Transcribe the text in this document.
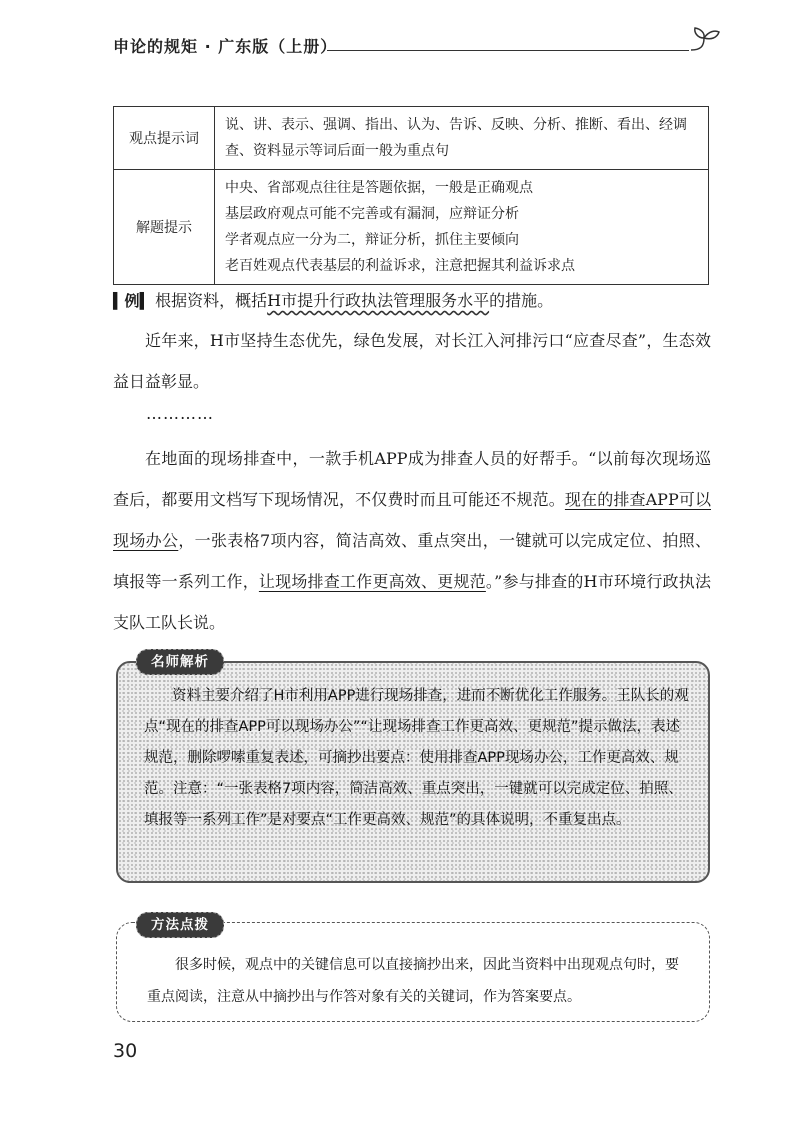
申论的规矩 · 广东版（上册）
观点提示词	说、讲、表示、强调、指出、认为、告诉、反映、分析、推断、看出、经调查、资料显示等词后面一般为重点句

解题提示	中央、省部观点往往是答题依据，一般是正确观点
基层政府观点可能不完善或有漏洞，应辩证分析
学者观点应一分为二，辩证分析，抓住主要倾向
老百姓观点代表基层的利益诉求，注意把握其利益诉求点
▍例▍ 根据资料，概括H市提升行政执法管理服务水平的措施。

近年来，H市坚持生态优先，绿色发展，对长江入河排污口“应查尽查”，生态效益日益彰显。

…………

在地面的现场排查中，一款手机APP成为排查人员的好帮手。“以前每次现场巡查后，都要用文档写下现场情况，不仅费时而且可能还不规范。现在的排查APP可以现场办公，一张表格7项内容，简洁高效、重点突出，一键就可以完成定位、拍照、填报等一系列工作，让现场排查工作更高效、更规范。”参与排查的H市环境行政执法支队工队长说。

资料主要介绍了H市利用APP进行现场排查，进而不断优化工作服务。王队长的观点“现在的排查APP可以现场办公”“让现场排查工作更高效、更规范”提示做法，表述规范，删除啰嗦重复表述，可摘抄出要点：使用排查APP现场办公，工作更高效、规范。注意：“一张表格7项内容，简洁高效、重点突出，一键就可以完成定位、拍照、填报等一系列工作”是对要点“工作更高效、规范”的具体说明，不重复出点。
名师解析
很多时候，观点中的关键信息可以直接摘抄出来，因此当资料中出现观点句时，要重点阅读，注意从中摘抄出与作答对象有关的关键词，作为答案要点。
方法点拨
30
